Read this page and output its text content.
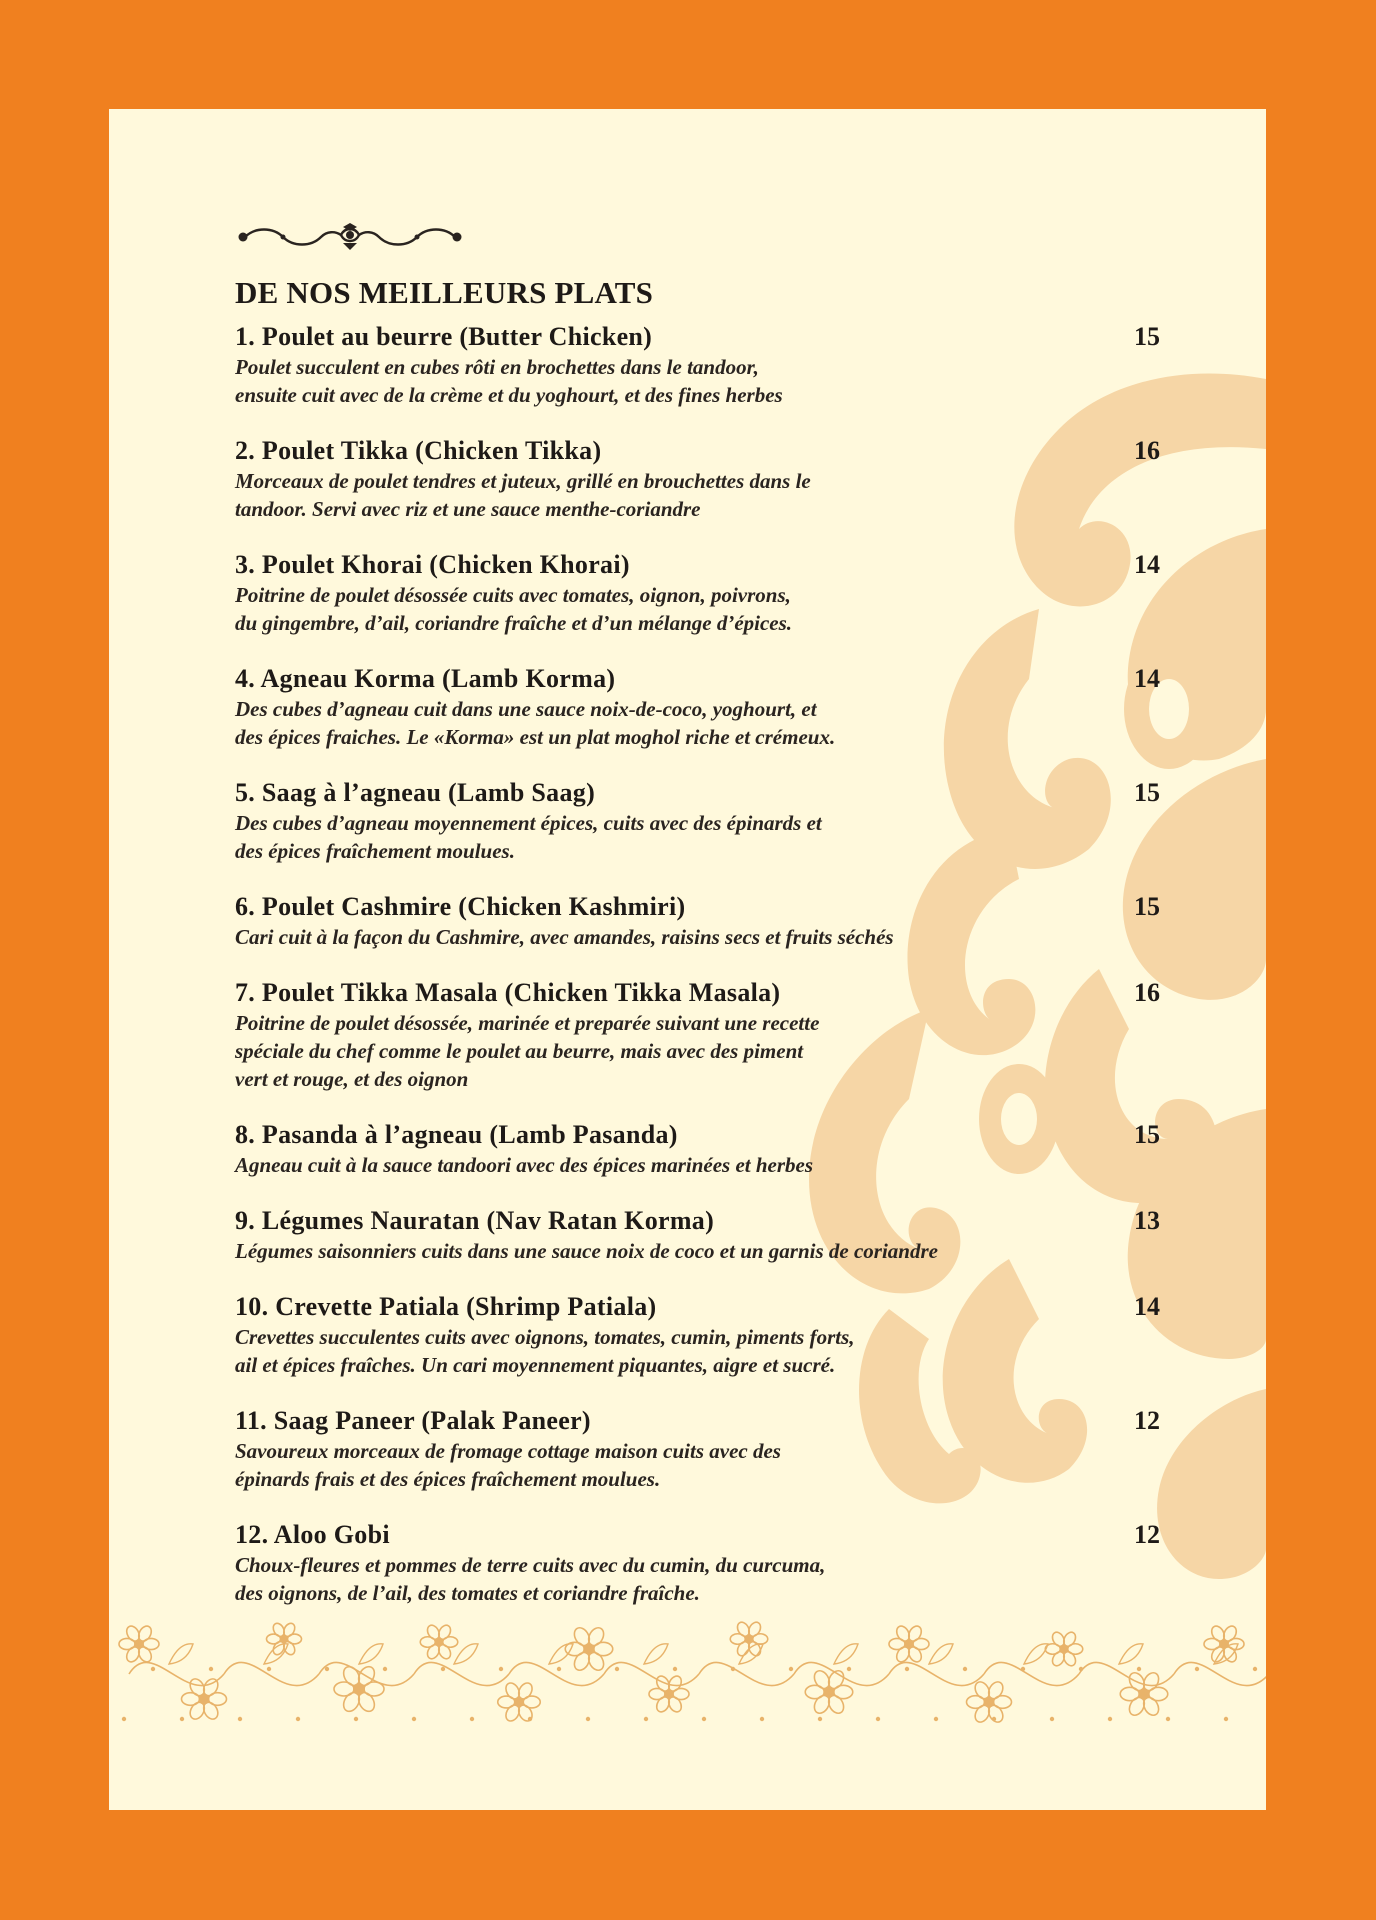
DE NOS MEILLEURS PLATS
1. Poulet au beurre (Butter Chicken)	15
Poulet succulent en cubes rôti en brochettes dans le tandoor,
ensuite cuit avec de la crème et du yoghourt, et des fines herbes
2. Poulet Tikka (Chicken Tikka)	16
Morceaux de poulet tendres et juteux, grillé en brouchettes dans le
tandoor. Servi avec riz et une sauce menthe-coriandre
3. Poulet Khorai (Chicken Khorai)	14
Poitrine de poulet désossée cuits avec tomates, oignon, poivrons,
du gingembre, d’ail, coriandre fraîche et d’un mélange d’épices.
4. Agneau Korma (Lamb Korma)	14
Des cubes d’agneau cuit dans une sauce noix-de-coco, yoghourt, et
des épices fraiches. Le «Korma» est un plat moghol riche et crémeux.
5. Saag à l’agneau (Lamb Saag)	15
Des cubes d’agneau moyennement épices, cuits avec des épinards et
des épices fraîchement moulues.
6. Poulet Cashmire (Chicken Kashmiri)	15
Cari cuit à la façon du Cashmire, avec amandes, raisins secs et fruits séchés
7. Poulet Tikka Masala (Chicken Tikka Masala)	16
Poitrine de poulet désossée, marinée et preparée suivant une recette
spéciale du chef comme le poulet au beurre, mais avec des piment
vert et rouge, et des oignon
8. Pasanda à l’agneau (Lamb Pasanda)	15
Agneau cuit à la sauce tandoori avec des épices marinées et herbes
9. Légumes Nauratan (Nav Ratan Korma)	13
Légumes saisonniers cuits dans une sauce noix de coco et un garnis de coriandre
10. Crevette Patiala (Shrimp Patiala)	14
Crevettes succulentes cuits avec oignons, tomates, cumin, piments forts,
ail et épices fraîches. Un cari moyennement piquantes, aigre et sucré.
11. Saag Paneer (Palak Paneer)	12
Savoureux morceaux de fromage cottage maison cuits avec des
épinards frais et des épices fraîchement moulues.
12. Aloo Gobi	12
Choux-fleures et pommes de terre cuits avec du cumin, du curcuma,
des oignons, de l’ail, des tomates et coriandre fraîche.
